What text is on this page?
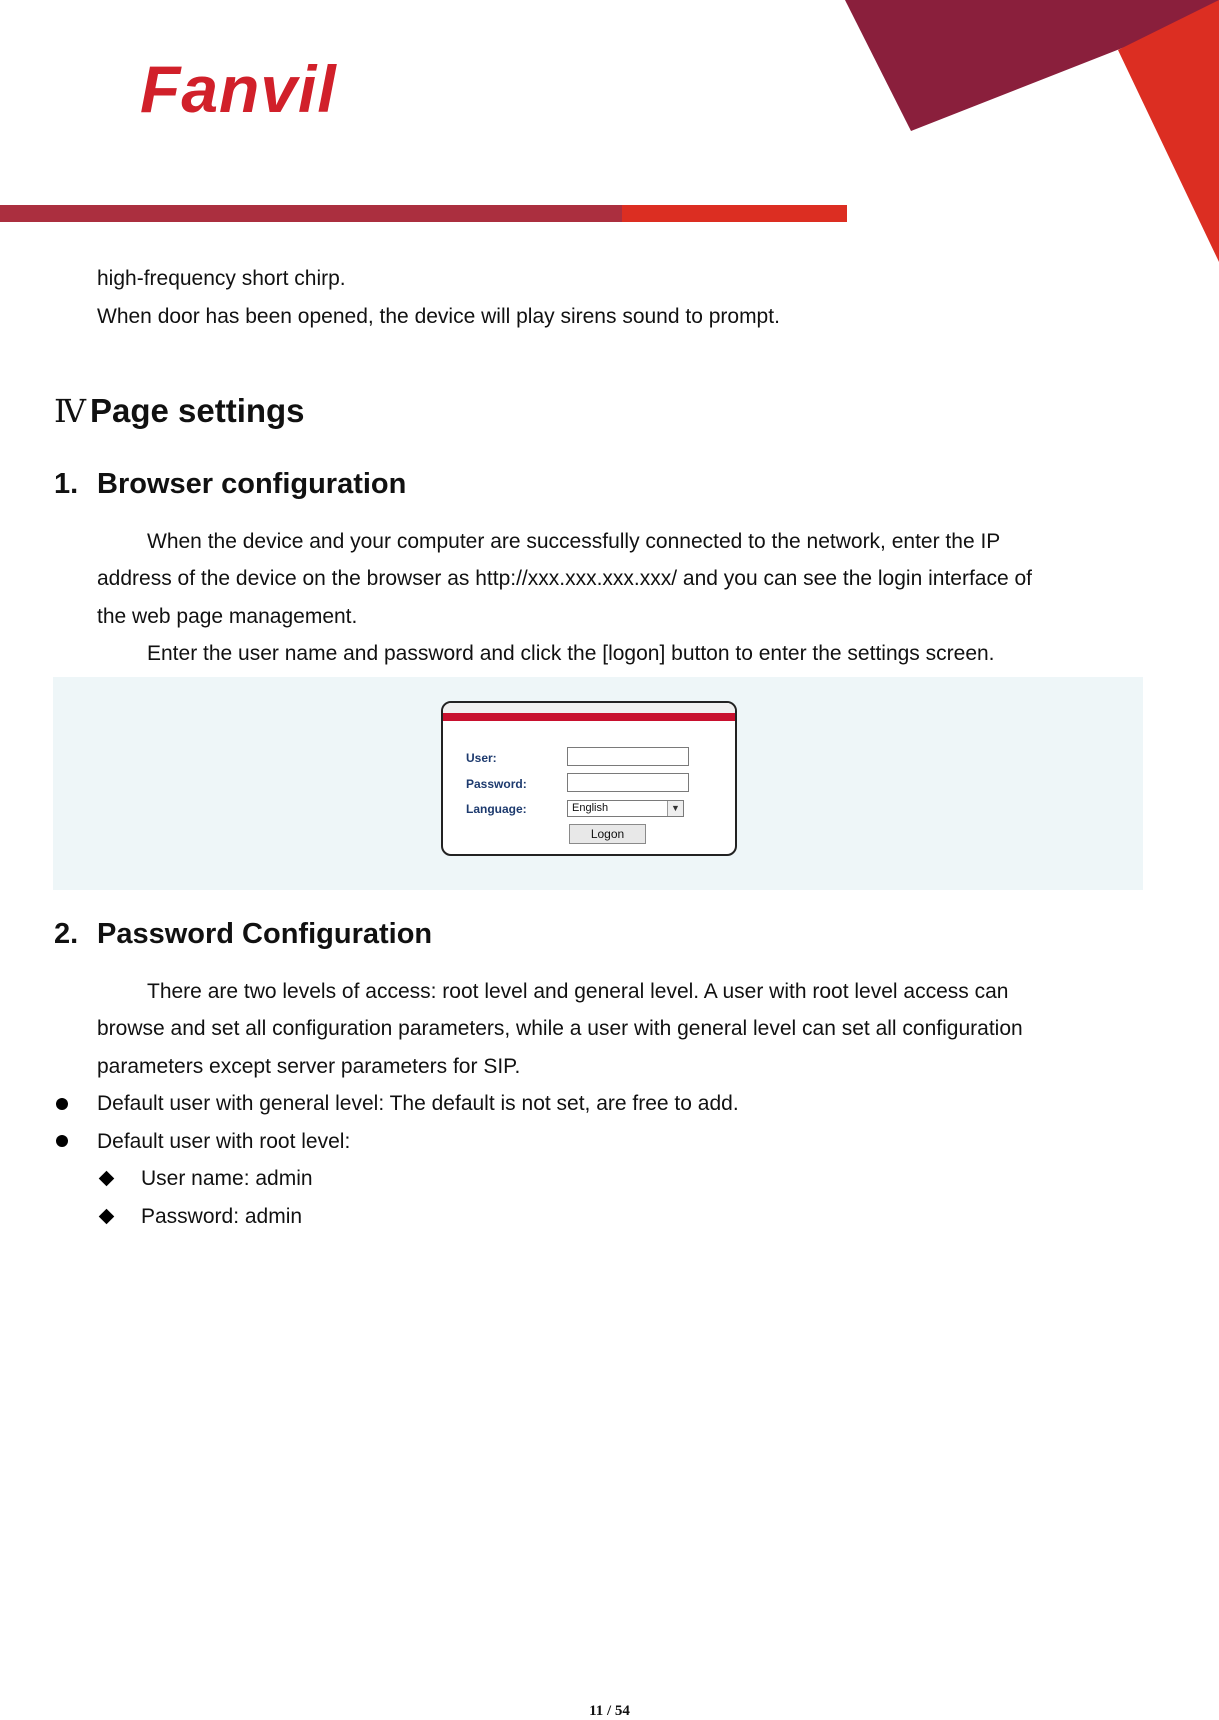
Fanvil
high-frequency short chirp.
When door has been opened, the device will play sirens sound to prompt.
Ⅳ Page settings
1. Browser configuration
When the device and your computer are successfully connected to the network, enter the IP
address of the device on the browser as http://xxx.xxx.xxx.xxx/ and you can see the login interface of
the web page management.
Enter the user name and password and click the [logon] button to enter the settings screen.
User:
Password:
Language:	English	▼
Logon
2. Password Configuration
There are two levels of access: root level and general level. A user with root level access can
browse and set all configuration parameters, while a user with general level can set all configuration
parameters except server parameters for SIP.
Default user with general level: The default is not set, are free to add.
Default user with root level:
User name: admin
Password: admin
11 / 54
